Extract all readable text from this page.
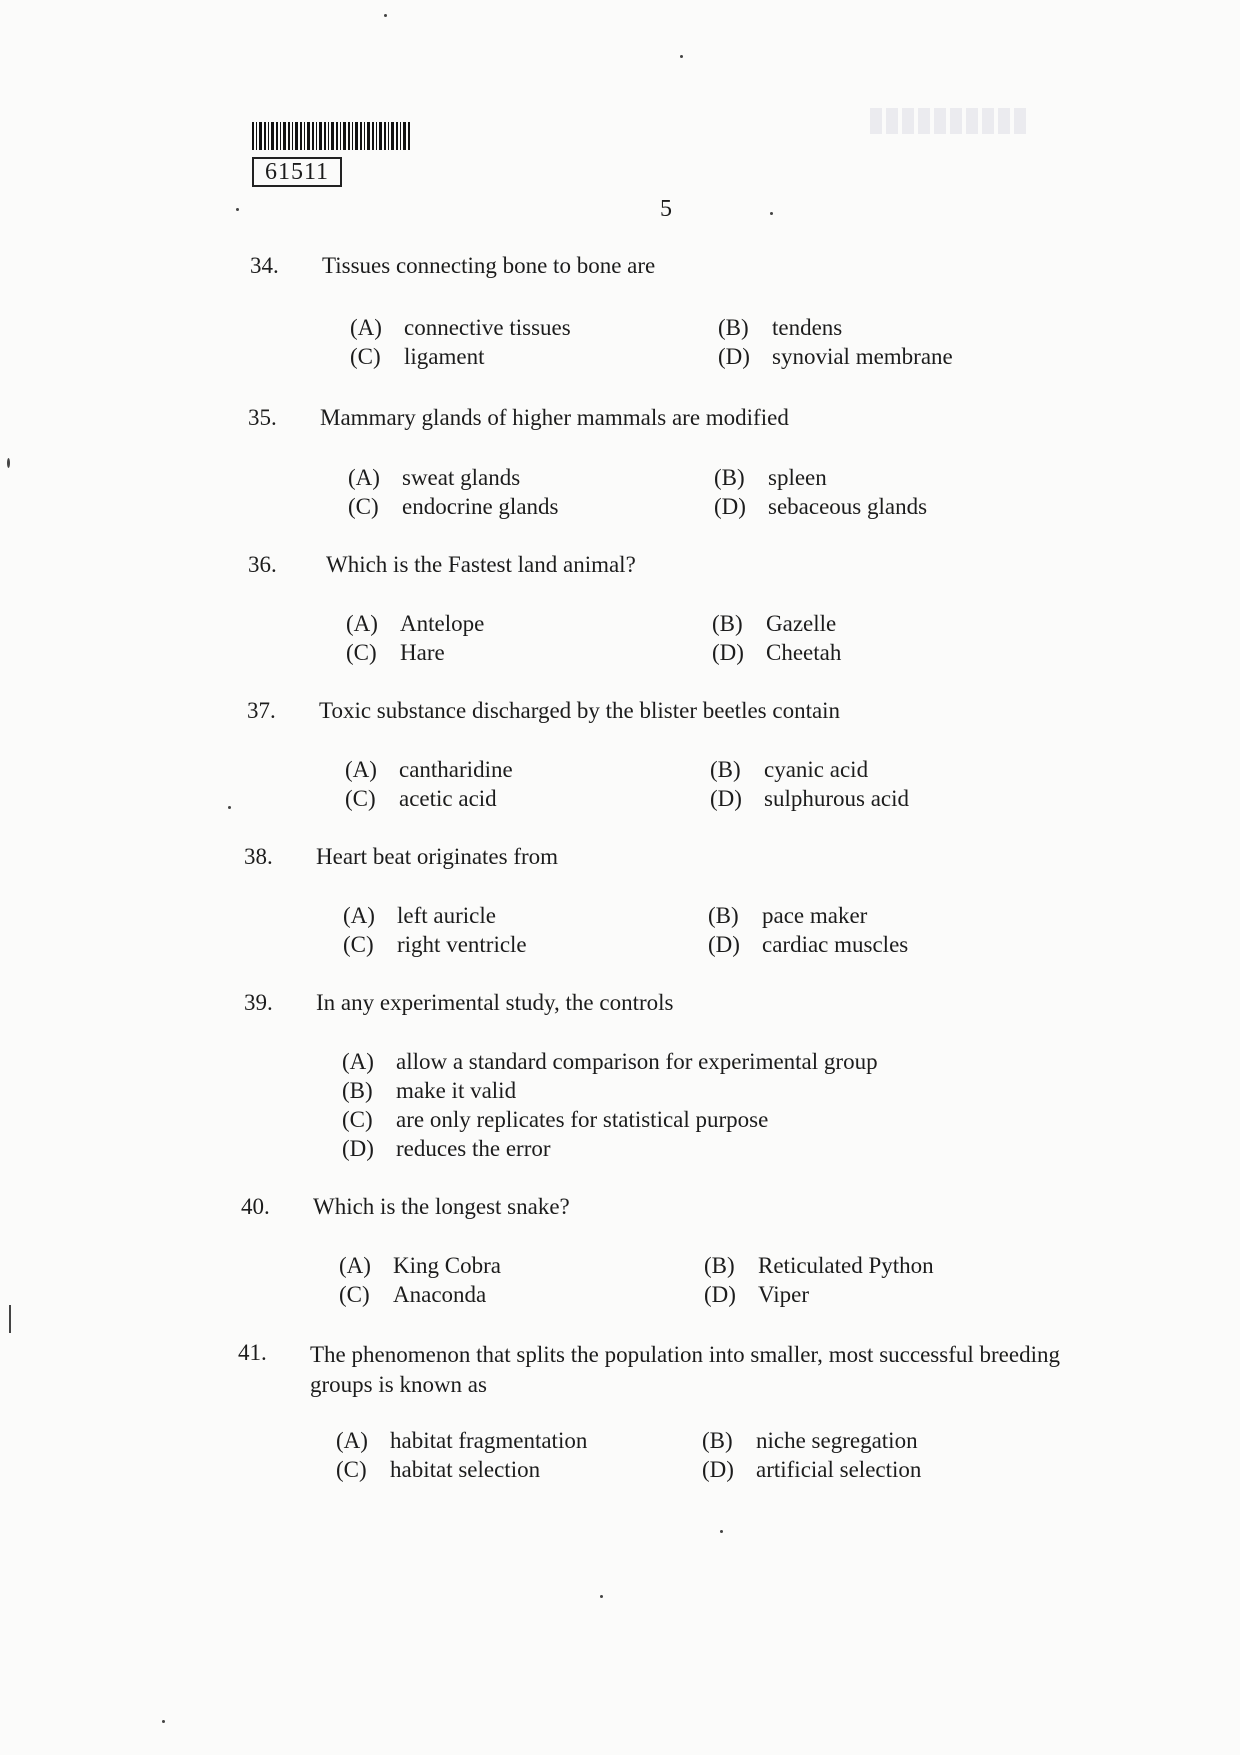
61511
5
34. Tissues connecting bone to bone are
(A) connective tissues	(B) tendens
(C) ligament	(D) synovial membrane
35. Mammary glands of higher mammals are modified
(A) sweat glands	(B) spleen
(C) endocrine glands	(D) sebaceous glands
36. Which is the Fastest land animal?
(A) Antelope	(B) Gazelle
(C) Hare	(D) Cheetah
37. Toxic substance discharged by the blister beetles contain
(A) cantharidine	(B) cyanic acid
(C) acetic acid	(D) sulphurous acid
38. Heart beat originates from
(A) left auricle	(B) pace maker
(C) right ventricle	(D) cardiac muscles
39. In any experimental study, the controls
(A) allow a standard comparison for experimental group
(B) make it valid
(C) are only replicates for statistical purpose
(D) reduces the error
40. Which is the longest snake?
(A) King Cobra	(B) Reticulated Python
(C) Anaconda	(D) Viper
41. The phenomenon that splits the population into smaller, most successful breeding groups is known as
(A) habitat fragmentation	(B) niche segregation
(C) habitat selection	(D) artificial selection
